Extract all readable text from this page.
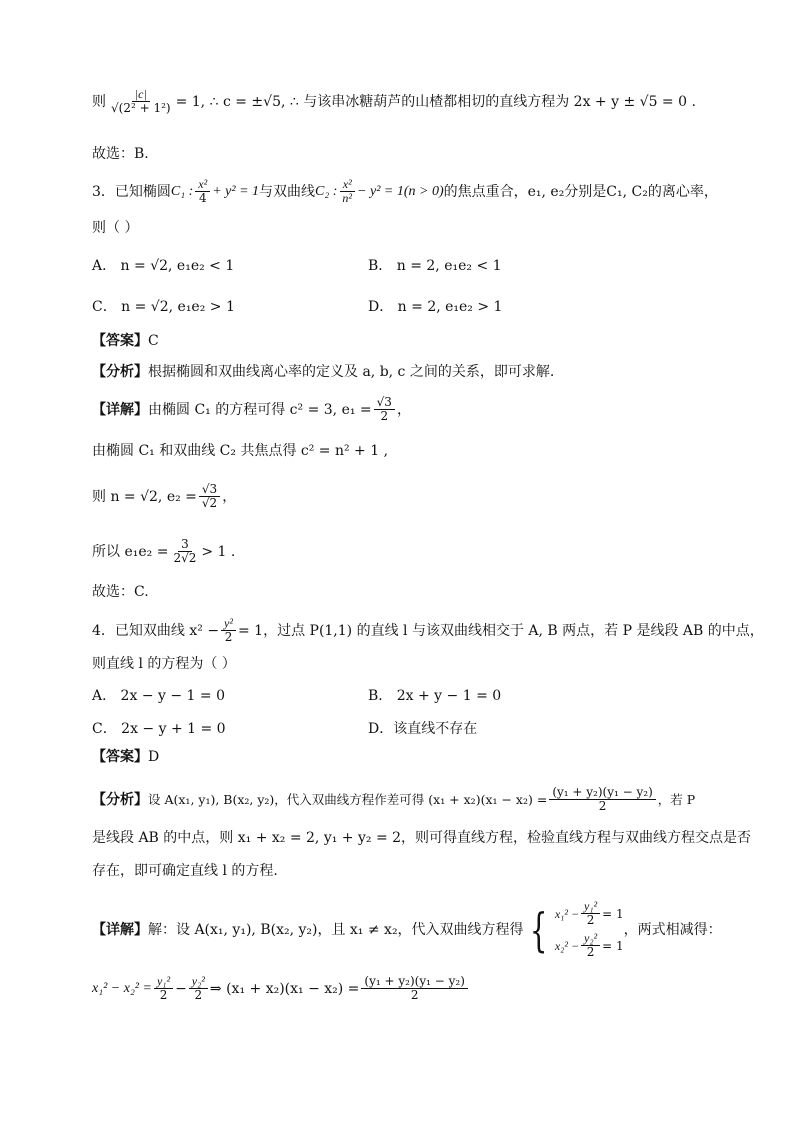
则 $\frac{|c|}{\text{√(2² + 1²)}} = 1$, ∴ c = ±√5, ∴ 与该串冰糖葫芦的山楂都相切的直线方程为 2x + y ± √5 = 0 .
故选：B.
3．已知椭圆 C₁ : $\frac{\text{x²}}{4} + y^2 = 1$ 与双曲线 C₂ : $\frac{\text{x²}}{\text{n²}} - y^2 = 1(n > 0)$ 的焦点重合，e₁, e₂分别是C₁, C₂的离心率，
则（ ）
A． n = √2, e₁e₂ < 1	B． n = 2, e₁e₂ < 1
C． n = √2, e₁e₂ > 1	D． n = 2, e₁e₂ > 1
【答案】 C
【分析】 根据椭圆和双曲线离心率的定义及 a, b, c 之间的关系，即可求解.
【详解】 由椭圆 C₁ 的方程可得 c² = 3, $e_1 = \frac{√3}{2}$ ，
由椭圆 C₁ 和双曲线 C₂ 共焦点得 c² = n² + 1 ,
则 n = √2, $e_2 = \frac{√3}{√2}$ ，
所以 $e_1e_2 = \frac{3}{2√2} > 1$ .
故选：C.
4．已知双曲线 $x^2 - \frac{\text{y²}}{2} = 1$，过点 P(1,1) 的直线 l 与该双曲线相交于 A, B 两点，若 P 是线段 AB 的中点，
则直线 l 的方程为（ ）
A． 2x − y − 1 = 0	B． 2x + y − 1 = 0
C． 2x − y + 1 = 0	D．该直线不存在
【答案】 D
【分析】 设 A(x₁, y₁), B(x₂, y₂)，代入双曲线方程作差可得 $(x_1 + x_2)(x_1 - x_2) = \frac{\text{(y₁ + y₂)(y₁ − y₂)}}{2}$ ，若 P
是线段 AB 的中点，则 x₁ + x₂ = 2, y₁ + y₂ = 2，则可得直线方程，检验直线方程与双曲线方程交点是否
存在，即可确定直线 l 的方程.
【详解】 解：设 A(x₁, y₁), B(x₂, y₂)，且 x₁ ≠ x₂，代入双曲线方程得 { $x_1^2 - \frac{\text{y₁²}}{2} = 1$
$x_2^2 - \frac{\text{y₂²}}{2} = 1$
，两式相减得：
$x_1^2 - x_2^2 = \frac{\text{y₁²}}{2} - \frac{\text{y₂²}}{2}$ ⇒ $(x_1 + x_2)(x_1 - x_2) = \frac{\text{(y₁ + y₂)(y₁ − y₂)}}{2}$
